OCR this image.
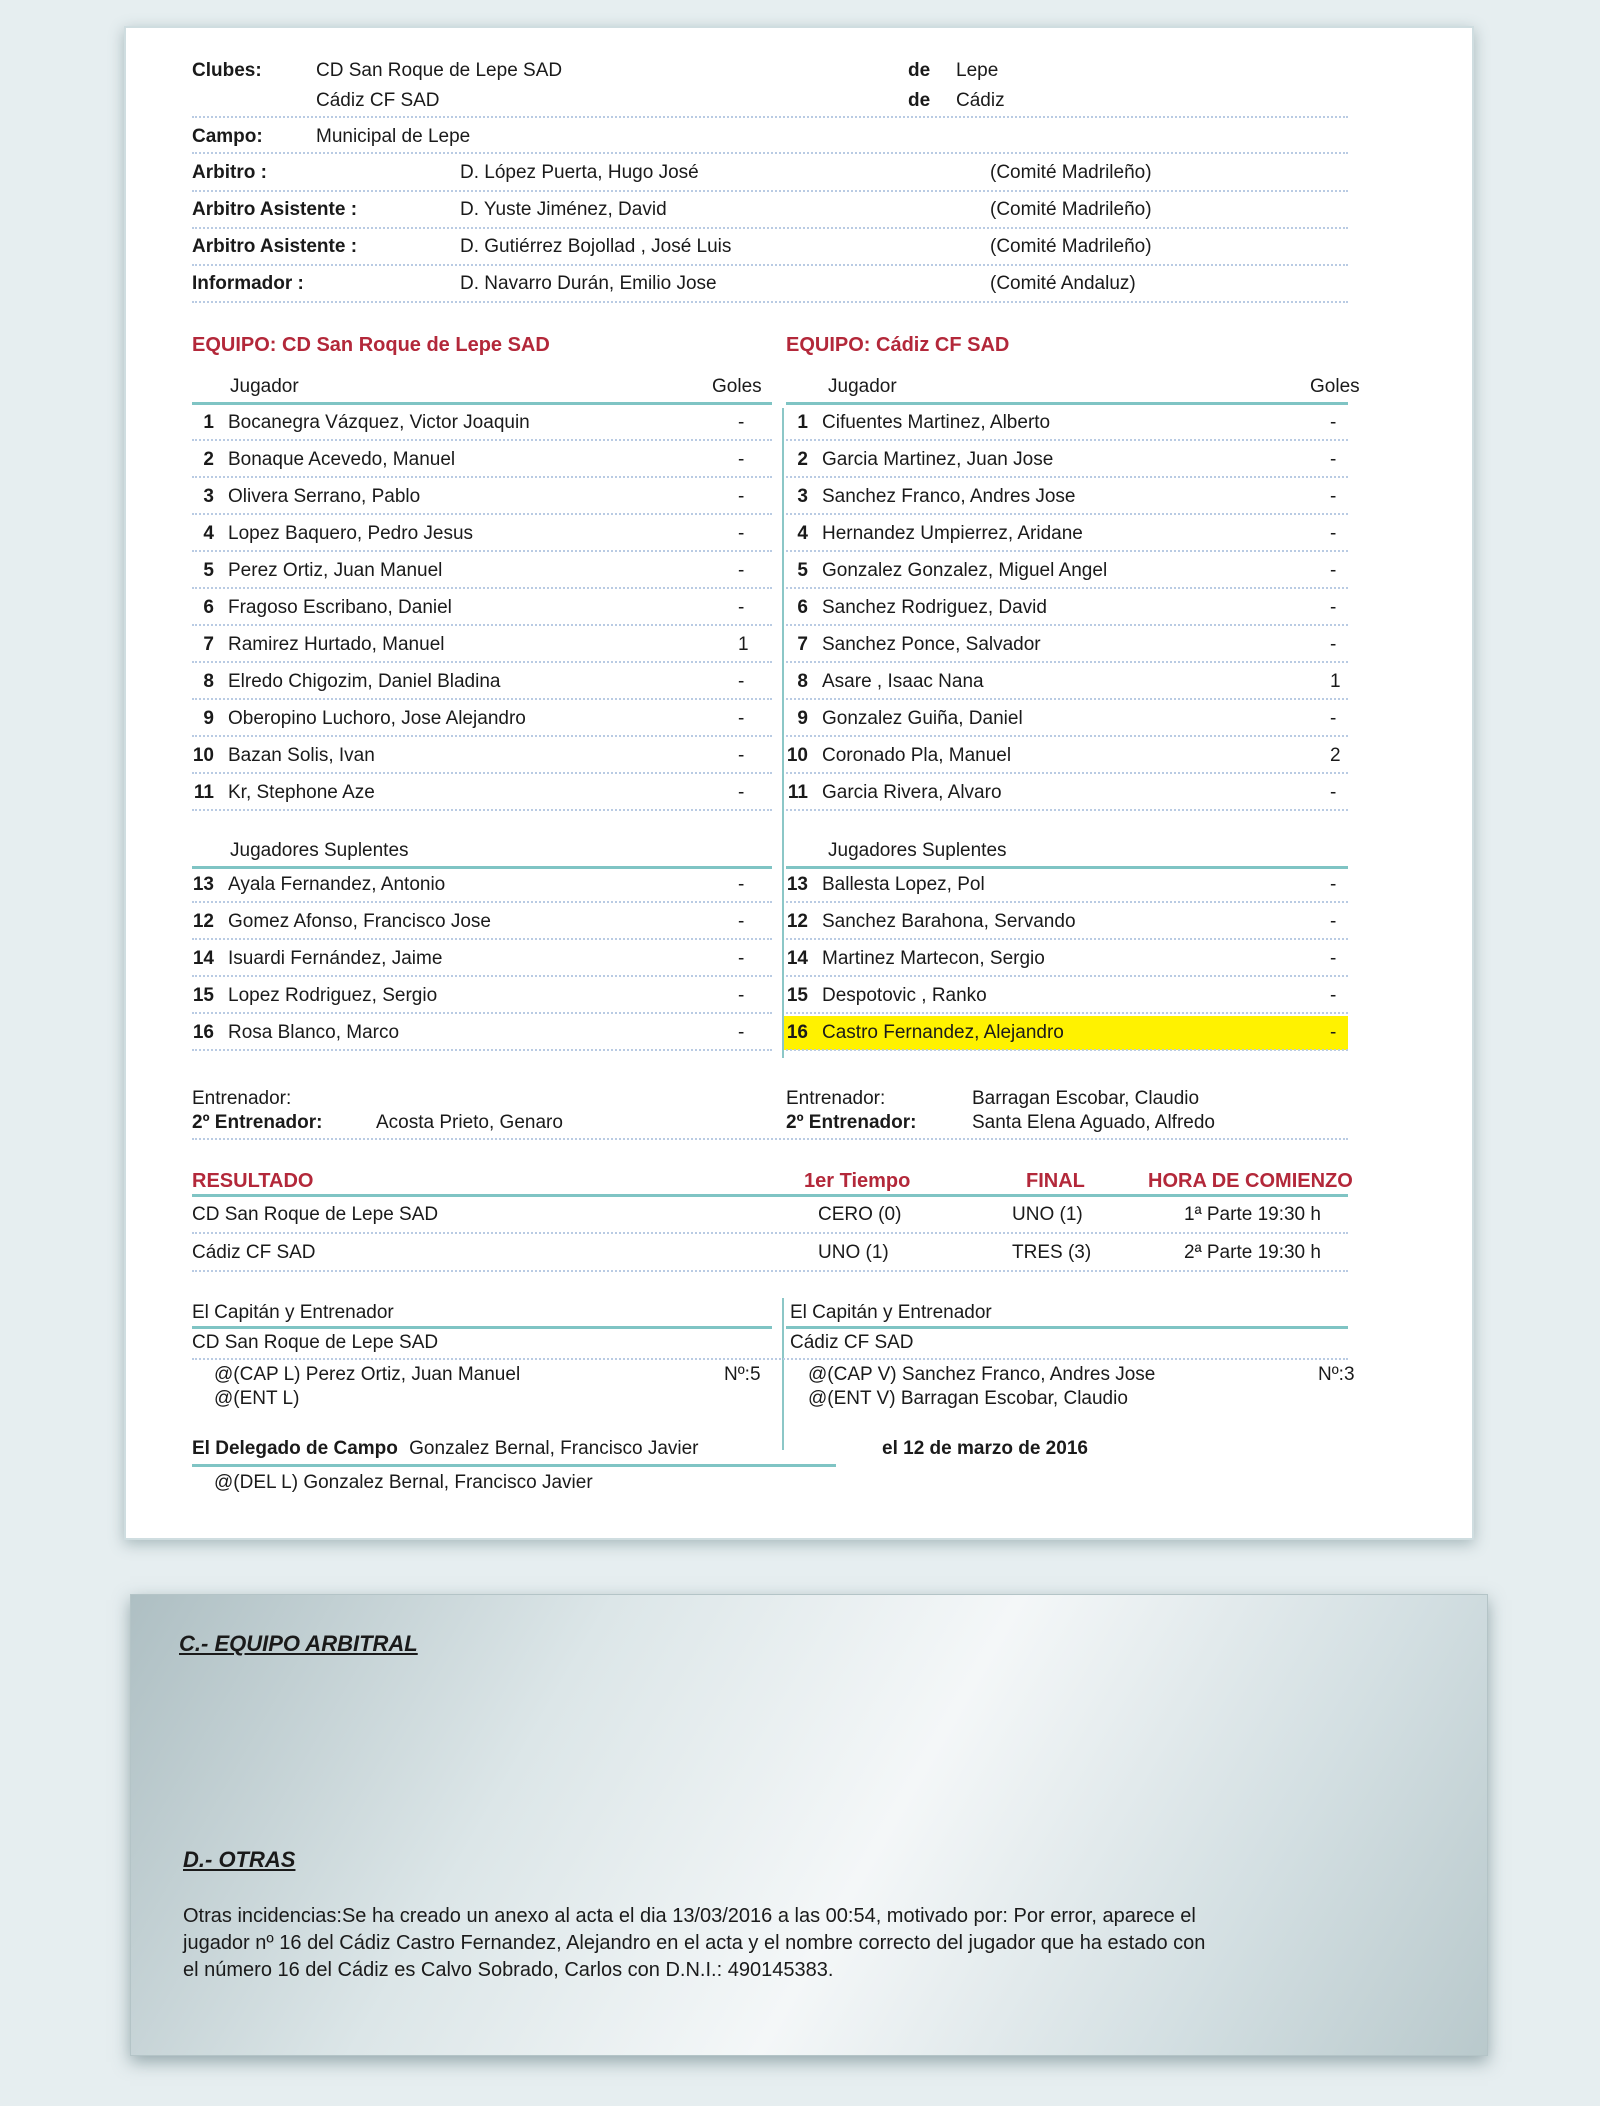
Clubes:	CD San Roque de Lepe SAD	de Lepe
Cádiz CF SAD	de Cádiz
Campo:	Municipal de Lepe
Arbitro :	D. López Puerta, Hugo José	(Comité Madrileño)
Arbitro Asistente :	D. Yuste Jiménez, David	(Comité Madrileño)
Arbitro Asistente :	D. Gutiérrez Bojollad , José Luis	(Comité Madrileño)
Informador :	D. Navarro Durán, Emilio Jose	(Comité Andaluz)
EQUIPO: CD San Roque de Lepe SAD	EQUIPO: Cádiz CF SAD
Jugador	Goles	Jugador	Goles
1 Bocanegra Vázquez, Victor Joaquin	-
2 Bonaque Acevedo, Manuel	-
3 Olivera Serrano, Pablo	-
4 Lopez Baquero, Pedro Jesus	-
5 Perez Ortiz, Juan Manuel	-
6 Fragoso Escribano, Daniel	-
7 Ramirez Hurtado, Manuel	1
8 Elredo Chigozim, Daniel Bladina	-
9 Oberopino Luchoro, Jose Alejandro	-
10 Bazan Solis, Ivan	-
11 Kr, Stephone Aze	-
1 Cifuentes Martinez, Alberto	-
2 Garcia Martinez, Juan Jose	-
3 Sanchez Franco, Andres Jose	-
4 Hernandez Umpierrez, Aridane	-
5 Gonzalez Gonzalez, Miguel Angel	-
6 Sanchez Rodriguez, David	-
7 Sanchez Ponce, Salvador	-
8 Asare , Isaac Nana	1
9 Gonzalez Guiña, Daniel	-
10 Coronado Pla, Manuel	2
11 Garcia Rivera, Alvaro	-
13 Ayala Fernandez, Antonio	-
12 Gomez Afonso, Francisco Jose	-
14 Isuardi Fernández, Jaime	-
15 Lopez Rodriguez, Sergio	-
16 Rosa Blanco, Marco	-
13 Ballesta Lopez, Pol	-
12 Sanchez Barahona, Servando	-
14 Martinez Martecon, Sergio	-
15 Despotovic , Ranko	-
16 Castro Fernandez, Alejandro	-
Jugadores Suplentes	Jugadores Suplentes
Entrenador:
2º Entrenador:	Acosta Prieto, Genaro
Entrenador:	Barragan Escobar, Claudio
2º Entrenador:	Santa Elena Aguado, Alfredo
RESULTADO	1er Tiempo	FINAL	HORA DE COMIENZO
CD San Roque de Lepe SAD	CERO (0)	UNO (1)	1ª Parte 19:30 h
Cádiz CF SAD	UNO (1)	TRES (3)	2ª Parte 19:30 h
El Capitán y Entrenador	El Capitán y Entrenador
CD San Roque de Lepe SAD	Cádiz CF SAD
@(CAP L) Perez Ortiz, Juan Manuel	Nº:5
@(ENT L)
@(CAP V) Sanchez Franco, Andres Jose	Nº:3
@(ENT V) Barragan Escobar, Claudio
El Delegado de Campo Gonzalez Bernal, Francisco Javier	el 12 de marzo de 2016
@(DEL L) Gonzalez Bernal, Francisco Javier
C.- EQUIPO ARBITRAL
D.- OTRAS
Otras incidencias:Se ha creado un anexo al acta el dia 13/03/2016 a las 00:54, motivado por: Por error, aparece el
jugador nº 16 del Cádiz Castro Fernandez, Alejandro en el acta y el nombre correcto del jugador que ha estado con
el número 16 del Cádiz es Calvo Sobrado, Carlos con D.N.I.: 490145383.
